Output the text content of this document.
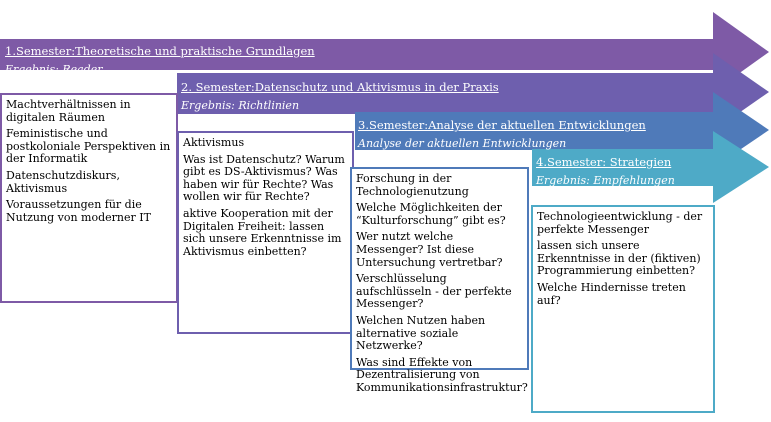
1.Semester:Theoretische und praktische Grundlagen
Ergebnis: Reader
2. Semester:Datenschutz und Aktivismus in der Praxis
Ergebnis: Richtlinien
3.Semester:Analyse der aktuellen Entwicklungen
Analyse der aktuellen Entwicklungen
4.Semester: Strategien
Ergebnis: Empfehlungen
Machtverhältnissen in digitalen Räumen
Feministische und postkoloniale Perspektiven in der Informatik
Datenschutzdiskurs, Aktivismus
Voraussetzungen für die Nutzung von moderner IT
Aktivismus
Was ist Datenschutz? Warum gibt es DS-Aktivismus? Was haben wir für Rechte? Was wollen wir für Rechte?
aktive Kooperation mit der Digitalen Freiheit: lassen sich unsere Erkenntnisse im Aktivismus einbetten?
Forschung in der Technologienutzung
Welche Möglichkeiten der “Kulturforschung” gibt es?
Wer nutzt welche Messenger? Ist diese Untersuchung vertretbar?
Verschlüsselung aufschlüsseln - der perfekte Messenger?
Welchen Nutzen haben alternative soziale Netzwerke?
Was sind Effekte von Dezentralisierung von Kommunikationsinfrastruktur?
Technologieentwicklung - der perfekte Messenger
lassen sich unsere Erkenntnisse in der (fiktiven) Programmierung einbetten?
Welche Hindernisse treten auf?
